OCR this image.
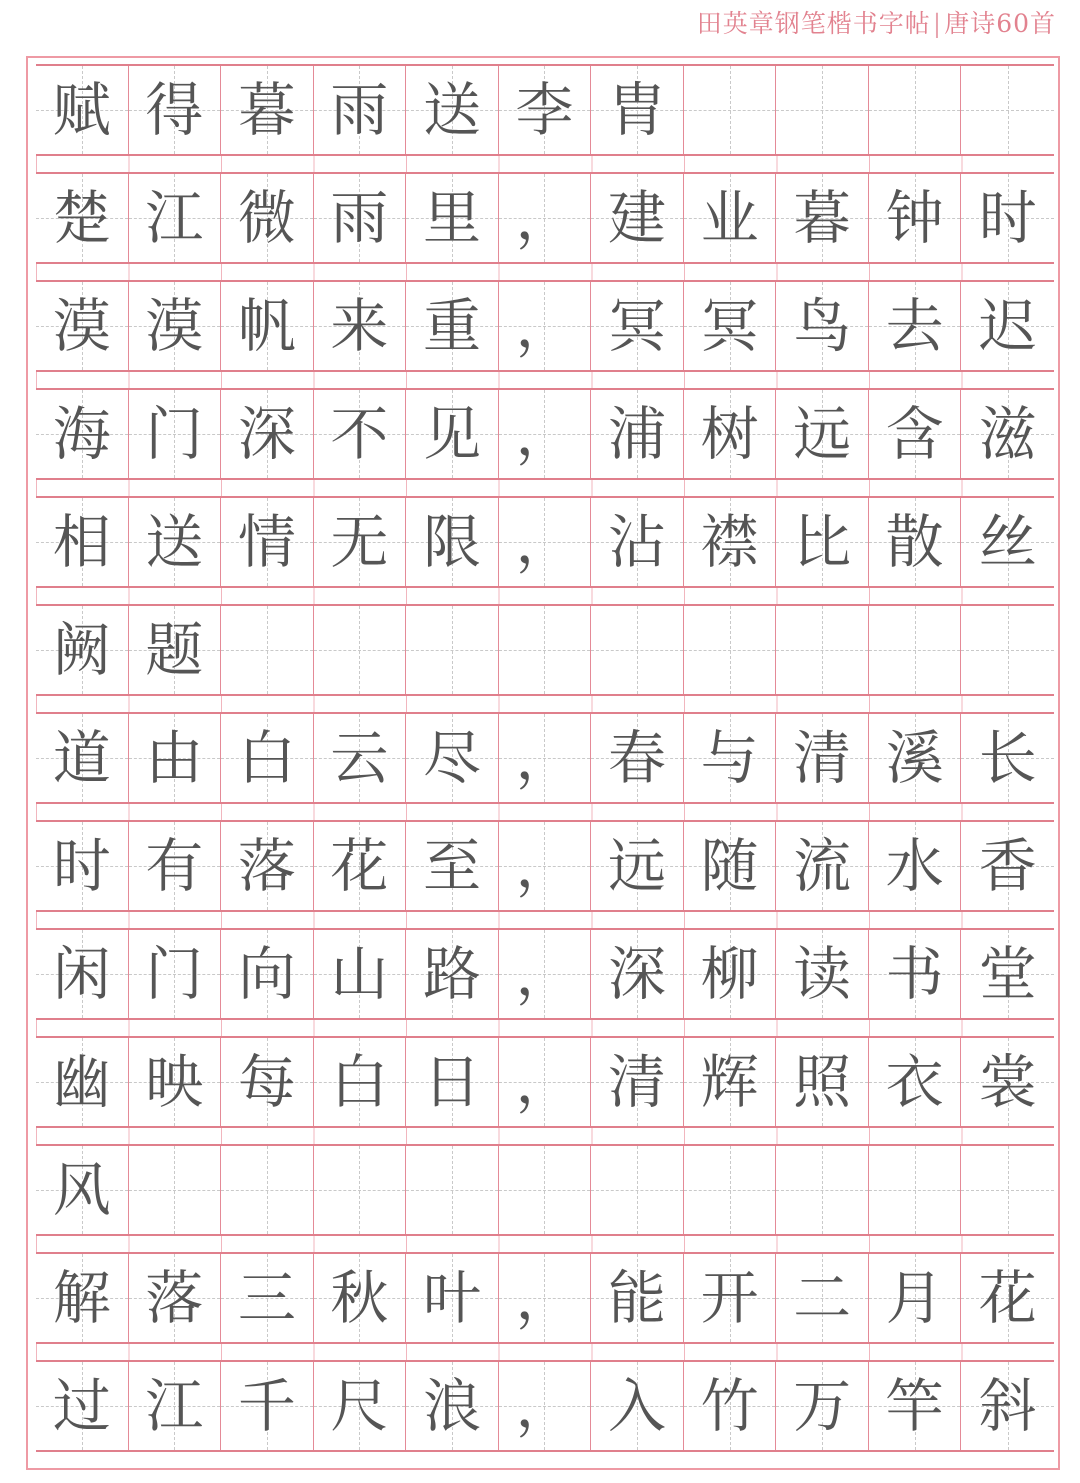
田英章钢笔楷书字帖|唐诗60首
赋 得 暮 雨 送 李 胄
楚 江 微 雨 里 ， 建 业 暮 钟 时
漠 漠 帆 来 重 ， 冥 冥 鸟 去 迟
海 门 深 不 见 ， 浦 树 远 含 滋
相 送 情 无 限 ， 沾 襟 比 散 丝
阙 题
道 由 白 云 尽 ， 春 与 清 溪 长
时 有 落 花 至 ， 远 随 流 水 香
闲 门 向 山 路 ， 深 柳 读 书 堂
幽 映 每 白 日 ， 清 辉 照 衣 裳
风
解 落 三 秋 叶 ， 能 开 二 月 花
过 江 千 尺 浪 ， 入 竹 万 竿 斜
